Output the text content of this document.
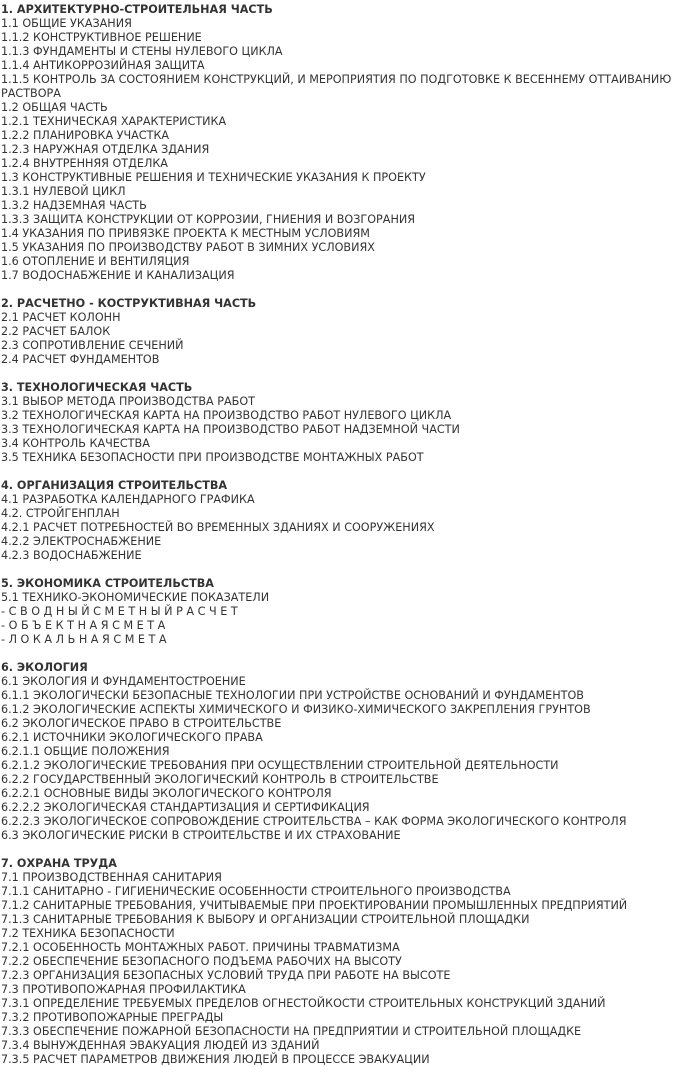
1. АРХИТЕКТУРНО-СТРОИТЕЛЬНАЯ ЧАСТЬ
1.1 ОБЩИЕ УКАЗАНИЯ
1.1.2 КОНСТРУКТИВНОЕ РЕШЕНИЕ
1.1.3 ФУНДАМЕНТЫ И СТЕНЫ НУЛЕВОГО ЦИКЛА
1.1.4 АНТИКОРРОЗИЙНАЯ ЗАЩИТА
1.1.5 КОНТРОЛЬ ЗА СОСТОЯНИЕМ КОНСТРУКЦИЙ, И МЕРОПРИЯТИЯ ПО ПОДГОТОВКЕ К ВЕСЕННЕМУ ОТТАИВАНИЮ РАСТВОРА
1.2 ОБЩАЯ ЧАСТЬ
1.2.1 ТЕХНИЧЕСКАЯ ХАРАКТЕРИСТИКА
1.2.2 ПЛАНИРОВКА УЧАСТКА
1.2.3 НАРУЖНАЯ ОТДЕЛКА ЗДАНИЯ
1.2.4 ВНУТРЕННЯЯ ОТДЕЛКА
1.3 КОНСТРУКТИВНЫЕ РЕШЕНИЯ И ТЕХНИЧЕСКИЕ УКАЗАНИЯ К ПРОЕКТУ
1.3.1 НУЛЕВОЙ ЦИКЛ
1.3.2 НАДЗЕМНАЯ ЧАСТЬ
1.3.3 ЗАЩИТА КОНСТРУКЦИИ ОТ КОРРОЗИИ, ГНИЕНИЯ И ВОЗГОРАНИЯ
1.4 УКАЗАНИЯ ПО ПРИВЯЗКЕ ПРОЕКТА К МЕСТНЫМ УСЛОВИЯМ
1.5 УКАЗАНИЯ ПО ПРОИЗВОДСТВУ РАБОТ В ЗИМНИХ УСЛОВИЯХ
1.6 ОТОПЛЕНИЕ И ВЕНТИЛЯЦИЯ
1.7 ВОДОСНАБЖЕНИЕ И КАНАЛИЗАЦИЯ
2. РАСЧЕТНО - КОСТРУКТИВНАЯ ЧАСТЬ
2.1 РАСЧЕТ КОЛОНН
2.2 РАСЧЕТ БАЛОК
2.3 СОПРОТИВЛЕНИЕ СЕЧЕНИЙ
2.4 РАСЧЕТ ФУНДАМЕНТОВ
3. ТЕХНОЛОГИЧЕСКАЯ ЧАСТЬ
3.1 ВЫБОР МЕТОДА ПРОИЗВОДСТВА РАБОТ
3.2 ТЕХНОЛОГИЧЕСКАЯ КАРТА НА ПРОИЗВОДСТВО РАБОТ НУЛЕВОГО ЦИКЛА
3.3 ТЕХНОЛОГИЧЕСКАЯ КАРТА НА ПРОИЗВОДСТВО РАБОТ НАДЗЕМНОЙ ЧАСТИ
3.4 КОНТРОЛЬ КАЧЕСТВА
3.5 ТЕХНИКА БЕЗОПАСНОСТИ ПРИ ПРОИЗВОДСТВЕ МОНТАЖНЫХ РАБОТ
4. ОРГАНИЗАЦИЯ СТРОИТЕЛЬСТВА
4.1 РАЗРАБОТКА КАЛЕНДАРНОГО ГРАФИКА
4.2. СТРОЙГЕНПЛАН
4.2.1 РАСЧЕТ ПОТРЕБНОСТЕЙ ВО ВРЕМЕННЫХ ЗДАНИЯХ И СООРУЖЕНИЯХ
4.2.2 ЭЛЕКТРОСНАБЖЕНИЕ
4.2.3 ВОДОСНАБЖЕНИЕ
5. ЭКОНОМИКА СТРОИТЕЛЬСТВА
5.1 ТЕХНИКО-ЭКОНОМИЧЕСКИЕ ПОКАЗАТЕЛИ
- С В О Д Н Ы Й С М Е Т Н Ы Й Р А С Ч Е Т
- О Б Ъ Е К Т Н А Я С М Е Т А
- Л О К А Л Ь Н А Я С М Е Т А
6. ЭКОЛОГИЯ
6.1 ЭКОЛОГИЯ И ФУНДАМЕНТОСТРОЕНИЕ
6.1.1 ЭКОЛОГИЧЕСКИ БЕЗОПАСНЫЕ ТЕХНОЛОГИИ ПРИ УСТРОЙСТВЕ ОСНОВАНИЙ И ФУНДАМЕНТОВ
6.1.2 ЭКОЛОГИЧЕСКИЕ АСПЕКТЫ ХИМИЧЕСКОГО И ФИЗИКО-ХИМИЧЕСКОГО ЗАКРЕПЛЕНИЯ ГРУНТОВ
6.2 ЭКОЛОГИЧЕСКОЕ ПРАВО В СТРОИТЕЛЬСТВЕ
6.2.1 ИСТОЧНИКИ ЭКОЛОГИЧЕСКОГО ПРАВА
6.2.1.1 ОБЩИЕ ПОЛОЖЕНИЯ
6.2.1.2 ЭКОЛОГИЧЕСКИЕ ТРЕБОВАНИЯ ПРИ ОСУЩЕСТВЛЕНИИ СТРОИТЕЛЬНОЙ ДЕЯТЕЛЬНОСТИ
6.2.2 ГОСУДАРСТВЕННЫЙ ЭКОЛОГИЧЕСКИЙ КОНТРОЛЬ В СТРОИТЕЛЬСТВЕ
6.2.2.1 ОСНОВНЫЕ ВИДЫ ЭКОЛОГИЧЕСКОГО КОНТРОЛЯ
6.2.2.2 ЭКОЛОГИЧЕСКАЯ СТАНДАРТИЗАЦИЯ И СЕРТИФИКАЦИЯ
6.2.2.3 ЭКОЛОГИЧЕСКОЕ СОПРОВОЖДЕНИЕ СТРОИТЕЛЬСТВА – КАК ФОРМА ЭКОЛОГИЧЕСКОГО КОНТРОЛЯ
6.3 ЭКОЛОГИЧЕСКИЕ РИСКИ В СТРОИТЕЛЬСТВЕ И ИХ СТРАХОВАНИЕ
7. ОХРАНА ТРУДА
7.1 ПРОИЗВОДСТВЕННАЯ САНИТАРИЯ
7.1.1 САНИТАРНО - ГИГИЕНИЧЕСКИЕ ОСОБЕННОСТИ СТРОИТЕЛЬНОГО ПРОИЗВОДСТВА
7.1.2 САНИТАРНЫЕ ТРЕБОВАНИЯ, УЧИТЫВАЕМЫЕ ПРИ ПРОЕКТИРОВАНИИ ПРОМЫШЛЕННЫХ ПРЕДПРИЯТИЙ
7.1.3 САНИТАРНЫЕ ТРЕБОВАНИЯ К ВЫБОРУ И ОРГАНИЗАЦИИ СТРОИТЕЛЬНОЙ ПЛОЩАДКИ
7.2 ТЕХНИКА БЕЗОПАСНОСТИ
7.2.1 ОСОБЕННОСТЬ МОНТАЖНЫХ РАБОТ. ПРИЧИНЫ ТРАВМАТИЗМА
7.2.2 ОБЕСПЕЧЕНИЕ БЕЗОПАСНОГО ПОДЪЕМА РАБОЧИХ НА ВЫСОТУ
7.2.3 ОРГАНИЗАЦИЯ БЕЗОПАСНЫХ УСЛОВИЙ ТРУДА ПРИ РАБОТЕ НА ВЫСОТЕ
7.3 ПРОТИВОПОЖАРНАЯ ПРОФИЛАКТИКА
7.3.1 ОПРЕДЕЛЕНИЕ ТРЕБУЕМЫХ ПРЕДЕЛОВ ОГНЕСТОЙКОСТИ СТРОИТЕЛЬНЫХ КОНСТРУКЦИЙ ЗДАНИЙ
7.3.2 ПРОТИВОПОЖАРНЫЕ ПРЕГРАДЫ
7.3.3 ОБЕСПЕЧЕНИЕ ПОЖАРНОЙ БЕЗОПАСНОСТИ НА ПРЕДПРИЯТИИ И СТРОИТЕЛЬНОЙ ПЛОЩАДКЕ
7.3.4 ВЫНУЖДЕННАЯ ЭВАКУАЦИЯ ЛЮДЕЙ ИЗ ЗДАНИЙ
7.3.5 РАСЧЕТ ПАРАМЕТРОВ ДВИЖЕНИЯ ЛЮДЕЙ В ПРОЦЕССЕ ЭВАКУАЦИИ
